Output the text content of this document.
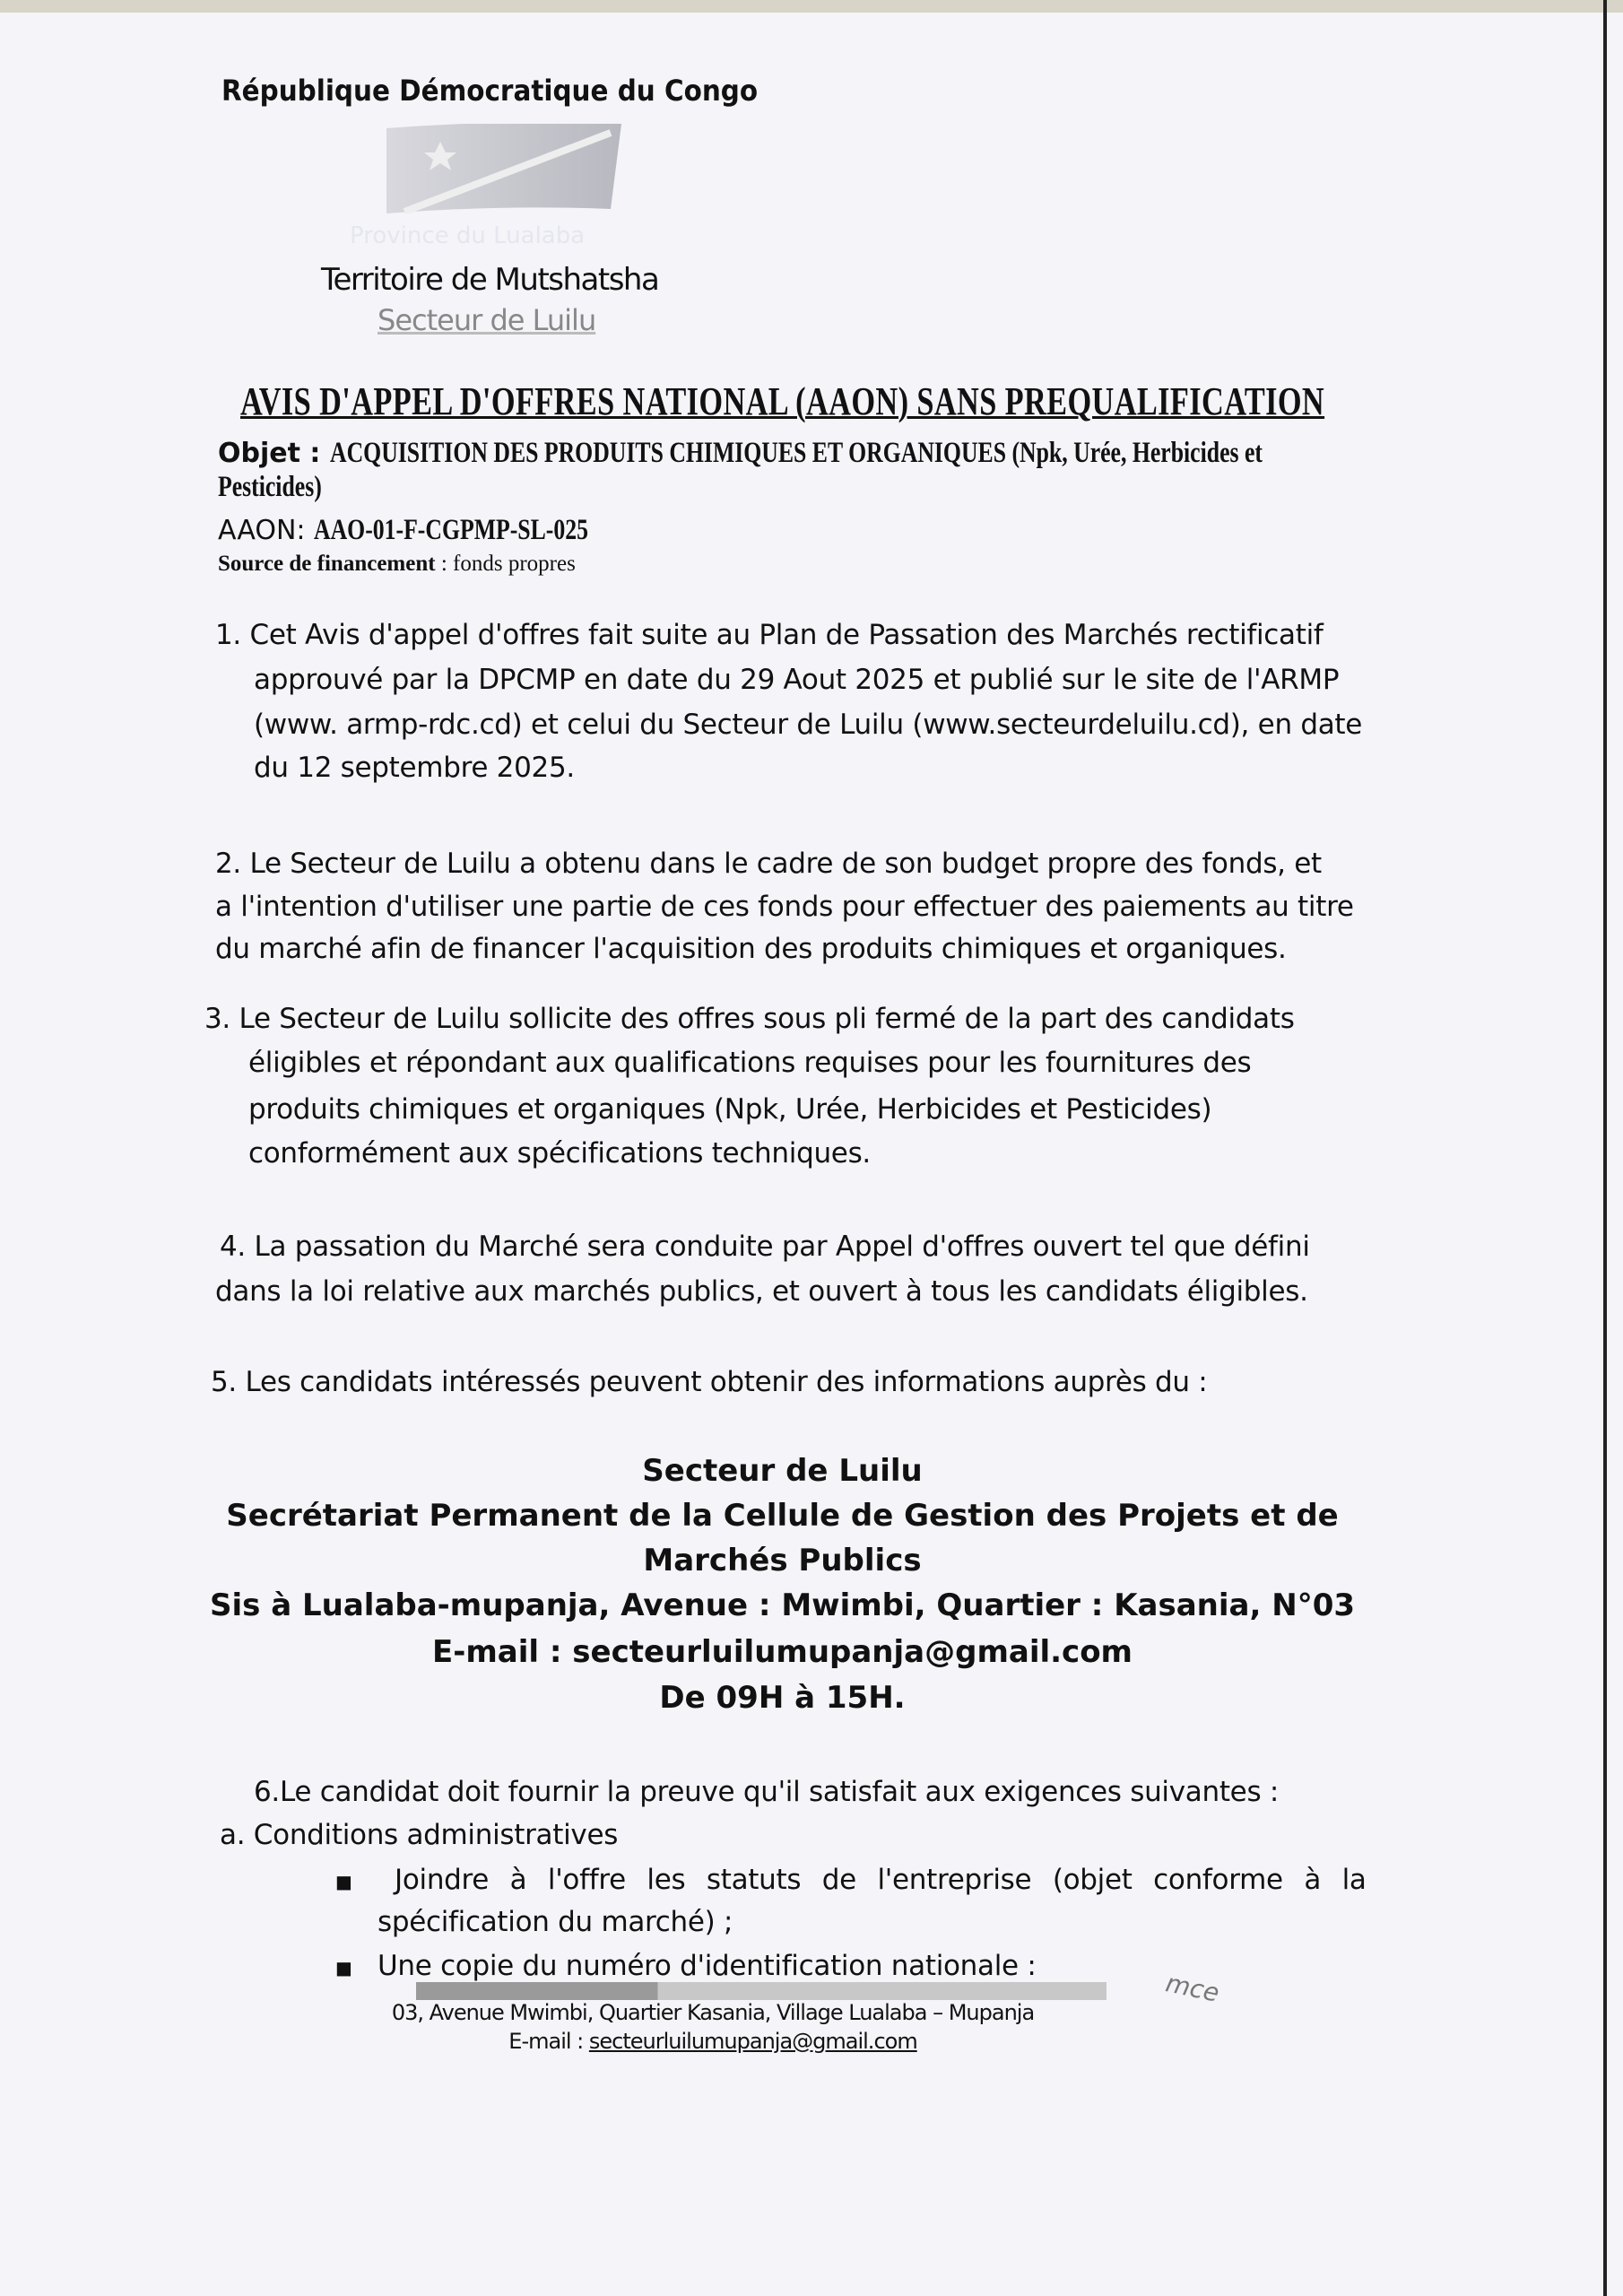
République Démocratique du Congo
Province du Lualaba
Territoire de Mutshatsha
Secteur de Luilu
AVIS D'APPEL D'OFFRES NATIONAL (AAON) SANS PREQUALIFICATION
Objet : ACQUISITION DES PRODUITS CHIMIQUES ET ORGANIQUES (Npk, Urée, Herbicides et
Pesticides)
AAON: AAO-01-F-CGPMP-SL-025
Source de financement : fonds propres
1. Cet Avis d'appel d'offres fait suite au Plan de Passation des Marchés rectificatif
approuvé par la DPCMP en date du 29 Aout 2025 et publié sur le site de l'ARMP
(www. armp-rdc.cd) et celui du Secteur de Luilu (www.secteurdeluilu.cd), en date
du 12 septembre 2025.
2. Le Secteur de Luilu a obtenu dans le cadre de son budget propre des fonds, et
a l'intention d'utiliser une partie de ces fonds pour effectuer des paiements au titre
du marché afin de financer l'acquisition des produits chimiques et organiques.
3. Le Secteur de Luilu sollicite des offres sous pli fermé de la part des candidats
éligibles et répondant aux qualifications requises pour les fournitures des
produits chimiques et organiques (Npk, Urée, Herbicides et Pesticides)
conformément aux spécifications techniques.
4. La passation du Marché sera conduite par Appel d'offres ouvert tel que défini
dans la loi relative aux marchés publics, et ouvert à tous les candidats éligibles.
5. Les candidats intéressés peuvent obtenir des informations auprès du :
Secteur de Luilu
Secrétariat Permanent de la Cellule de Gestion des Projets et de
Marchés Publics
Sis à Lualaba-mupanja, Avenue : Mwimbi, Quartier : Kasania, N°03
E-mail : secteurluilumupanja@gmail.com
De 09H à 15H.
6.Le candidat doit fournir la preuve qu'il satisfait aux exigences suivantes :
a. Conditions administratives
■ Joindre à l'offre les statuts de l'entreprise (objet conforme à la
spécification du marché) ;
■ Une copie du numéro d'identification nationale :
mce
03, Avenue Mwimbi, Quartier Kasania, Village Lualaba – Mupanja
E-mail : secteurluilumupanja@gmail.com
